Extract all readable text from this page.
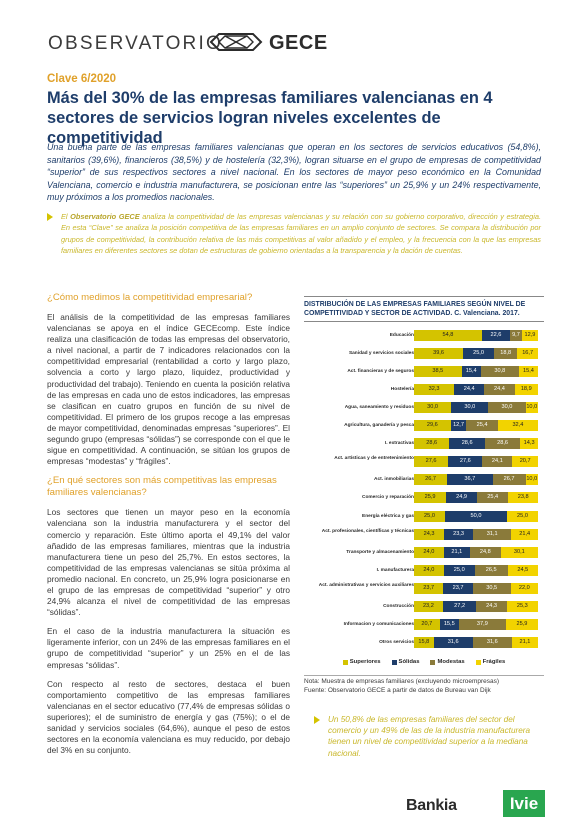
OBSERVATORIO GECE
Clave 6/2020
Más del 30% de las empresas familiares valencianas en 4 sectores de servicios logran niveles excelentes de competitividad
Una buena parte de las empresas familiares valencianas que operan en los sectores de servicios educativos (54,8%), sanitarios (39,6%), financieros (38,5%) y de hostelería (32,3%), logran situarse en el grupo de empresas de competitividad “superior” de sus respectivos sectores a nivel nacional. En los sectores de mayor peso económico en la Comunidad Valenciana, comercio e industria manufacturera, se posicionan entre las “superiores” un 25,9% y un 24% respectivamente, muy próximos a los promedios nacionales.
El Observatorio GECE analiza la competitividad de las empresas valencianas y su relación con su gobierno corporativo, dirección y estrategia. En esta “Clave” se analiza la posición competitiva de las empresas familiares en un amplio conjunto de sectores. Se compara la distribución por grupos de competitividad, la contribución relativa de las más competitivas al valor añadido y el empleo, y la frecuencia con la que las empresas familiares en diferentes sectores se dotan de estructuras de gobierno orientadas a la transparencia y la dación de cuentas.
¿Cómo medimos la competitividad empresarial?

El análisis de la competitividad de las empresas familiares valencianas se apoya en el índice GECEcomp. Este índice realiza una clasificación de todas las empresas del observatorio, a nivel nacional, a partir de 7 indicadores relacionados con la competitividad empresarial (rentabilidad a corto y largo plazo, solvencia a corto y largo plazo, liquidez, productividad y productividad del trabajo). Teniendo en cuenta la posición relativa de las empresas en cada uno de estos indicadores, las empresas se clasifican en cuatro grupos en función de su nivel de competitividad. El primero de los grupos recoge a las empresas de mayor competitividad, denominadas empresas “superiores”. El segundo grupo (empresas “sólidas”) se corresponde con el que le sigue en competitividad. A continuación, se sitúan los grupos de empresas “modestas” y “frágiles”.

¿En qué sectores son más competitivas las empresas familiares valencianas?

Los sectores que tienen un mayor peso en la economía valenciana son la industria manufacturera y el sector del comercio y reparación. Este último aporta el 49,1% del valor añadido de las empresas familiares, mientras que la industria manufacturera tiene un peso del 25,7%. En estos sectores, la competitividad de las empresas valencianas se sitúa próxima al promedio nacional. En concreto, un 25,9% logra posicionarse en el grupo de las empresas de competitividad “superior” y otro 24,9% alcanza el nivel de competitividad de las empresas “sólidas”.

En el caso de la industria manufacturera la situación es ligeramente inferior, con un 24% de las empresas familiares en el grupo de competitividad “superior” y un 25% en el de las empresas “sólidas”.

Con respecto al resto de sectores, destaca el buen comportamiento competitivo de las empresas familiares valencianas en el sector educativo (77,4% de empresas sólidas o superiores); el de suministro de energía y gas (75%); o el de sanidad y servicios sociales (64,6%), aunque el peso de estos sectores en la economía valenciana es muy reducido, por debajo del 3% en su conjunto.

DISTRIBUCIÓN DE LAS EMPRESAS FAMILIARES SEGÚN NIVEL DE COMPETITIVIDAD Y SECTOR DE ACTIVIDAD. C. Valenciana. 2017.
Superiores	Sólidas	Modestas	Frágiles
Educación	54,8	22,6	9,7 12,9
Sanidad y servicios sociales	39,6	25,0	18,8	16,7
Act. financieras y de seguros	38,5	15,4	30,8	15,4
Hostelería	32,3	24,4	24,4	18,9
Agua, saneamiento y residuos	30,0	30,0	30,0	10,0
Agricultura, ganadería y pesca	29,6	12,7	25,4	32,4
I. extractivas	28,6	28,6	28,6	14,3
Act. artísticas y de entretenimiento	27,6	27,6	24,1	20,7
Act. inmobiliarias	26,7	36,7	26,7	10,0
Comercio y reparación	25,9	24,9	25,4	23,8
Energía eléctrica y gas	25,0	50,0	25,0
Act. profesionales, científicas y técnicas	24,3	23,3	31,1	21,4
Transporte y almacenamiento	24,0	21,1	24,8	30,1
I. manufacturera	24,0	25,0	26,5	24,5
Act. administrativas y servicios auxiliares	23,7	23,7	30,5	22,0
Construcción	23,2	27,2	24,3	25,3
Informacion y comunicaciones	20,7	15,5	37,9	25,9
Otros servicios 15,8	31,6	31,6	21,1
Nota: Muestra de empresas familiares (excluyendo microempresas)
Fuente: Observatorio GECE a partir de datos de Bureau van Dijk
Un 50,8% de las empresas familiares del sector del comercio y un 49% de las de la industria manufacturera tienen un nivel de competitividad superior a la mediana nacional.
Bankia	Ivie
